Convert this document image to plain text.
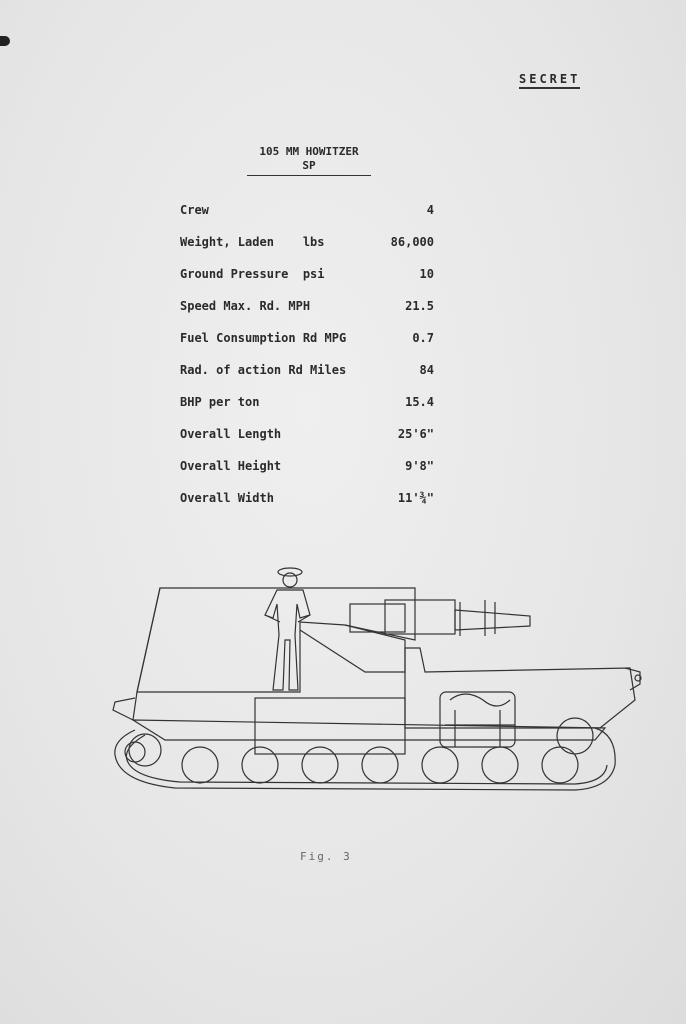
SECRET
105 MM HOWITZER
SP
Crew	4
Weight, Laden    lbs	86,000
Ground Pressure  psi	10
Speed Max. Rd. MPH	21.5
Fuel Consumption Rd MPG	0.7
Rad. of action Rd Miles	84
BHP per ton	15.4
Overall Length	25'6"
Overall Height	9'8"
Overall Width	11'¾"
Fig. 3
